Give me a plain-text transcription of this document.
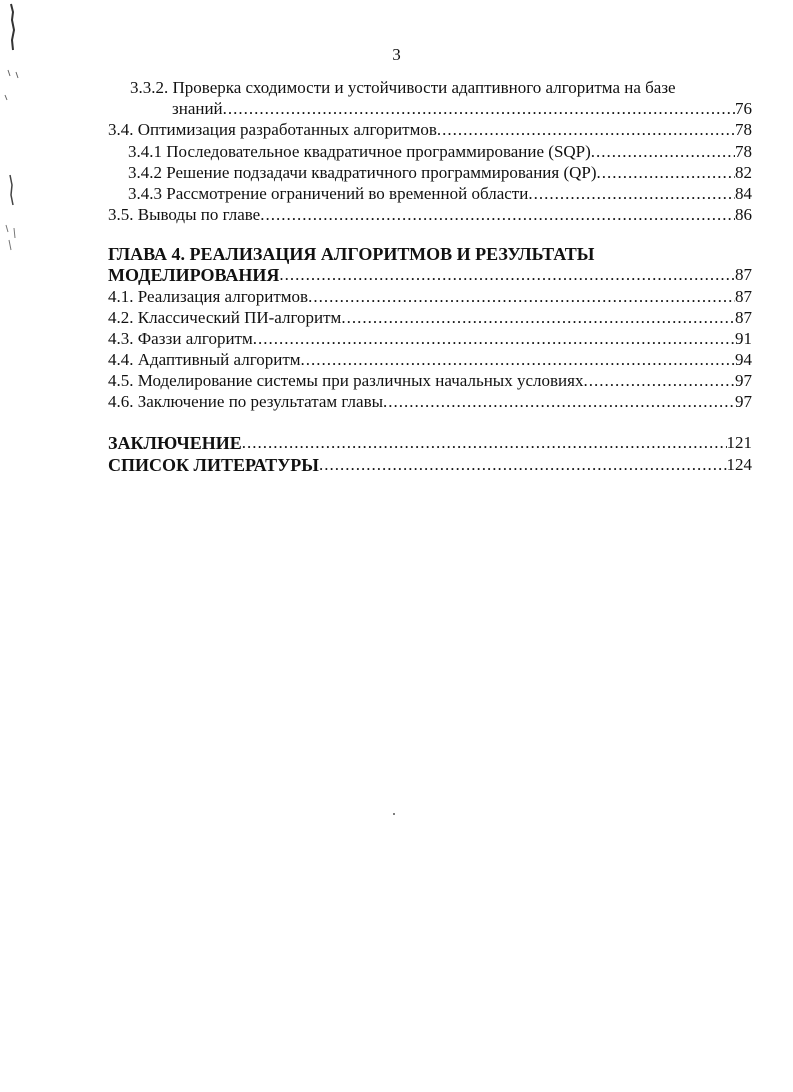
3
3.3.2. Проверка сходимости и устойчивости адаптивного алгоритма на базе
знаний .....	76
3.4. Оптимизация разработанных алгоритмов .....	78
3.4.1 Последовательное квадратичное программирование (SQP) .....	78
3.4.2 Решение подзадачи квадратичного программирования (QP) .....	82
3.4.3 Рассмотрение ограничений во временной области .....	84
3.5. Выводы по главе .....	86
ГЛАВА 4. РЕАЛИЗАЦИЯ АЛГОРИТМОВ И РЕЗУЛЬТАТЫ
МОДЕЛИРОВАНИЯ .....	87
4.1. Реализация алгоритмов .....	87
4.2. Классический ПИ-алгоритм .....	87
4.3. Фаззи алгоритм .....	91
4.4. Адаптивный алгоритм .....	94
4.5. Моделирование системы при различных начальных условиях .....	97
4.6. Заключение по результатам главы .....	97
ЗАКЛЮЧЕНИЕ .....	121
СПИСОК ЛИТЕРАТУРЫ .....	124
